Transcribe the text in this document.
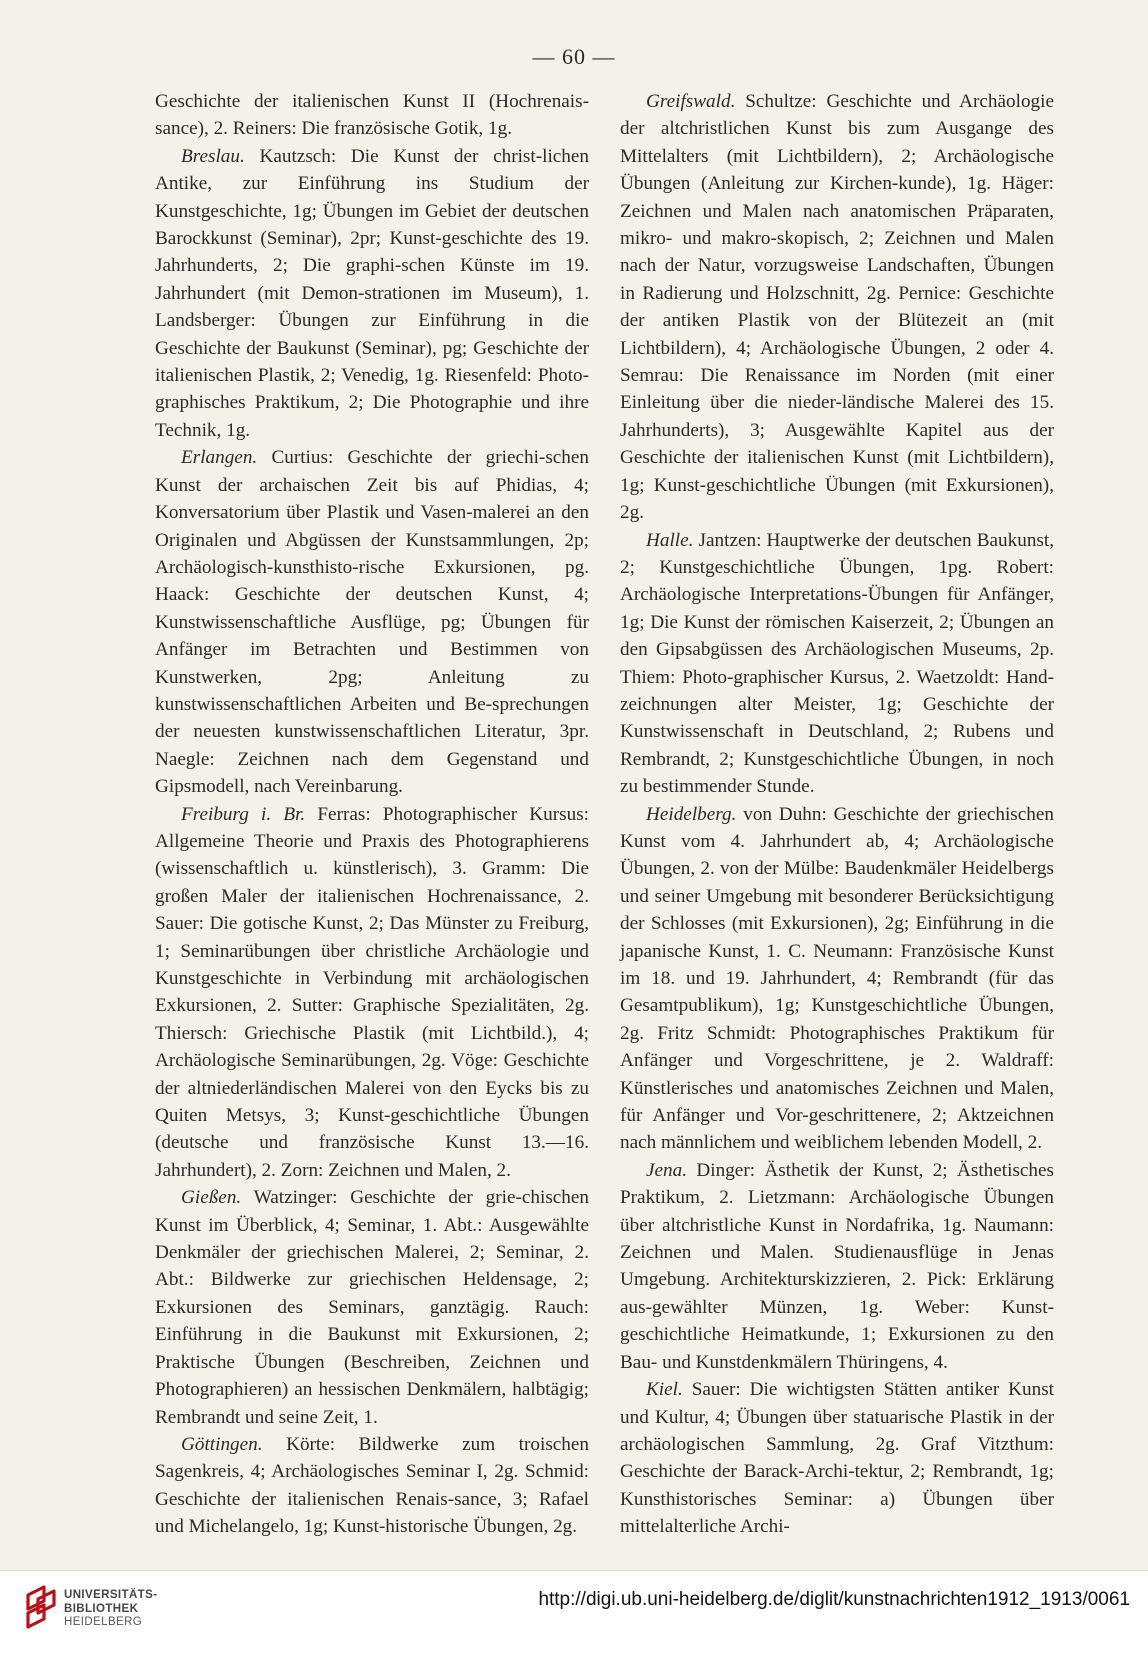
— 60 —

Geschichte der italienischen Kunst II (Hochrenais-sance), 2. Reiners: Die französische Gotik, 1g.

Breslau. Kautzsch: Die Kunst der christ-lichen Antike, zur Einführung ins Studium der Kunstgeschichte, 1g; Übungen im Gebiet der deutschen Barockkunst (Seminar), 2pr; Kunst-geschichte des 19. Jahrhunderts, 2; Die graphi-schen Künste im 19. Jahrhundert (mit Demon-strationen im Museum), 1. Landsberger: Übungen zur Einführung in die Geschichte der Baukunst (Seminar), pg; Geschichte der italienischen Plastik, 2; Venedig, 1g. Riesenfeld: Photo-graphisches Praktikum, 2; Die Photographie und ihre Technik, 1g.

Erlangen. Curtius: Geschichte der griechi-schen Kunst der archaischen Zeit bis auf Phidias, 4; Konversatorium über Plastik und Vasen-malerei an den Originalen und Abgüssen der Kunstsammlungen, 2p; Archäologisch-kunsthisto-rische Exkursionen, pg. Haack: Geschichte der deutschen Kunst, 4; Kunstwissenschaftliche Ausflüge, pg; Übungen für Anfänger im Betrachten und Bestimmen von Kunstwerken, 2pg; Anleitung zu kunstwissenschaftlichen Arbeiten und Be-sprechungen der neuesten kunstwissenschaftlichen Literatur, 3pr. Naegle: Zeichnen nach dem Gegenstand und Gipsmodell, nach Vereinbarung.

Freiburg i. Br. Ferras: Photographischer Kursus: Allgemeine Theorie und Praxis des Photographierens (wissenschaftlich u. künstlerisch), 3. Gramm: Die großen Maler der italienischen Hochrenaissance, 2. Sauer: Die gotische Kunst, 2; Das Münster zu Freiburg, 1; Seminarübungen über christliche Archäologie und Kunstgeschichte in Verbindung mit archäologischen Exkursionen, 2. Sutter: Graphische Spezialitäten, 2g. Thiersch: Griechische Plastik (mit Lichtbild.), 4; Archäologische Seminarübungen, 2g. Vöge: Geschichte der altniederländischen Malerei von den Eycks bis zu Quiten Metsys, 3; Kunst-geschichtliche Übungen (deutsche und französische Kunst 13.—16. Jahrhundert), 2. Zorn: Zeichnen und Malen, 2.

Gießen. Watzinger: Geschichte der grie-chischen Kunst im Überblick, 4; Seminar, 1. Abt.: Ausgewählte Denkmäler der griechischen Malerei, 2; Seminar, 2. Abt.: Bildwerke zur griechischen Heldensage, 2; Exkursionen des Seminars, ganztägig. Rauch: Einführung in die Baukunst mit Exkursionen, 2; Praktische Übungen (Beschreiben, Zeichnen und Photographieren) an hessischen Denkmälern, halbtägig; Rembrandt und seine Zeit, 1.

Göttingen. Körte: Bildwerke zum troischen Sagenkreis, 4; Archäologisches Seminar I, 2g. Schmid: Geschichte der italienischen Renais-sance, 3; Rafael und Michelangelo, 1g; Kunst-historische Übungen, 2g.

Greifswald. Schultze: Geschichte und Archäologie der altchristlichen Kunst bis zum Ausgange des Mittelalters (mit Lichtbildern), 2; Archäologische Übungen (Anleitung zur Kirchen-kunde), 1g. Häger: Zeichnen und Malen nach anatomischen Präparaten, mikro- und makro-skopisch, 2; Zeichnen und Malen nach der Natur, vorzugsweise Landschaften, Übungen in Radierung und Holzschnitt, 2g. Pernice: Geschichte der antiken Plastik von der Blütezeit an (mit Lichtbildern), 4; Archäologische Übungen, 2 oder 4. Semrau: Die Renaissance im Norden (mit einer Einleitung über die nieder-ländische Malerei des 15. Jahrhunderts), 3; Ausgewählte Kapitel aus der Geschichte der italienischen Kunst (mit Lichtbildern), 1g; Kunst-geschichtliche Übungen (mit Exkursionen), 2g.

Halle. Jantzen: Hauptwerke der deutschen Baukunst, 2; Kunstgeschichtliche Übungen, 1pg. Robert: Archäologische Interpretations-Übungen für Anfänger, 1g; Die Kunst der römischen Kaiserzeit, 2; Übungen an den Gipsabgüssen des Archäologischen Museums, 2p. Thiem: Photo-graphischer Kursus, 2. Waetzoldt: Hand-zeichnungen alter Meister, 1g; Geschichte der Kunstwissenschaft in Deutschland, 2; Rubens und Rembrandt, 2; Kunstgeschichtliche Übungen, in noch zu bestimmender Stunde.

Heidelberg. von Duhn: Geschichte der griechischen Kunst vom 4. Jahrhundert ab, 4; Archäologische Übungen, 2. von der Mülbe: Baudenkmäler Heidelbergs und seiner Umgebung mit besonderer Berücksichtigung der Schlosses (mit Exkursionen), 2g; Einführung in die japanische Kunst, 1. C. Neumann: Französische Kunst im 18. und 19. Jahrhundert, 4; Rembrandt (für das Gesamtpublikum), 1g; Kunstgeschichtliche Übungen, 2g. Fritz Schmidt: Photographisches Praktikum für Anfänger und Vorgeschrittene, je 2. Waldraff: Künstlerisches und anatomisches Zeichnen und Malen, für Anfänger und Vor-geschrittenere, 2; Aktzeichnen nach männlichem und weiblichem lebenden Modell, 2.

Jena. Dinger: Ästhetik der Kunst, 2; Ästhetisches Praktikum, 2. Lietzmann: Archäologische Übungen über altchristliche Kunst in Nordafrika, 1g. Naumann: Zeichnen und Malen. Studienausflüge in Jenas Umgebung. Architekturskizzieren, 2. Pick: Erklärung aus-gewählter Münzen, 1g. Weber: Kunst-geschichtliche Heimatkunde, 1; Exkursionen zu den Bau- und Kunstdenkmälern Thüringens, 4.

Kiel. Sauer: Die wichtigsten Stätten antiker Kunst und Kultur, 4; Übungen über statuarische Plastik in der archäologischen Sammlung, 2g. Graf Vitzthum: Geschichte der Barack-Archi-tektur, 2; Rembrandt, 1g; Kunsthistorisches Seminar: a) Übungen über mittelalterliche Archi-

UNIVERSITÄTS-
BIBLIOTHEK
HEIDELBERG
http://digi.ub.uni-heidelberg.de/diglit/kunstnachrichten1912_1913/0061
